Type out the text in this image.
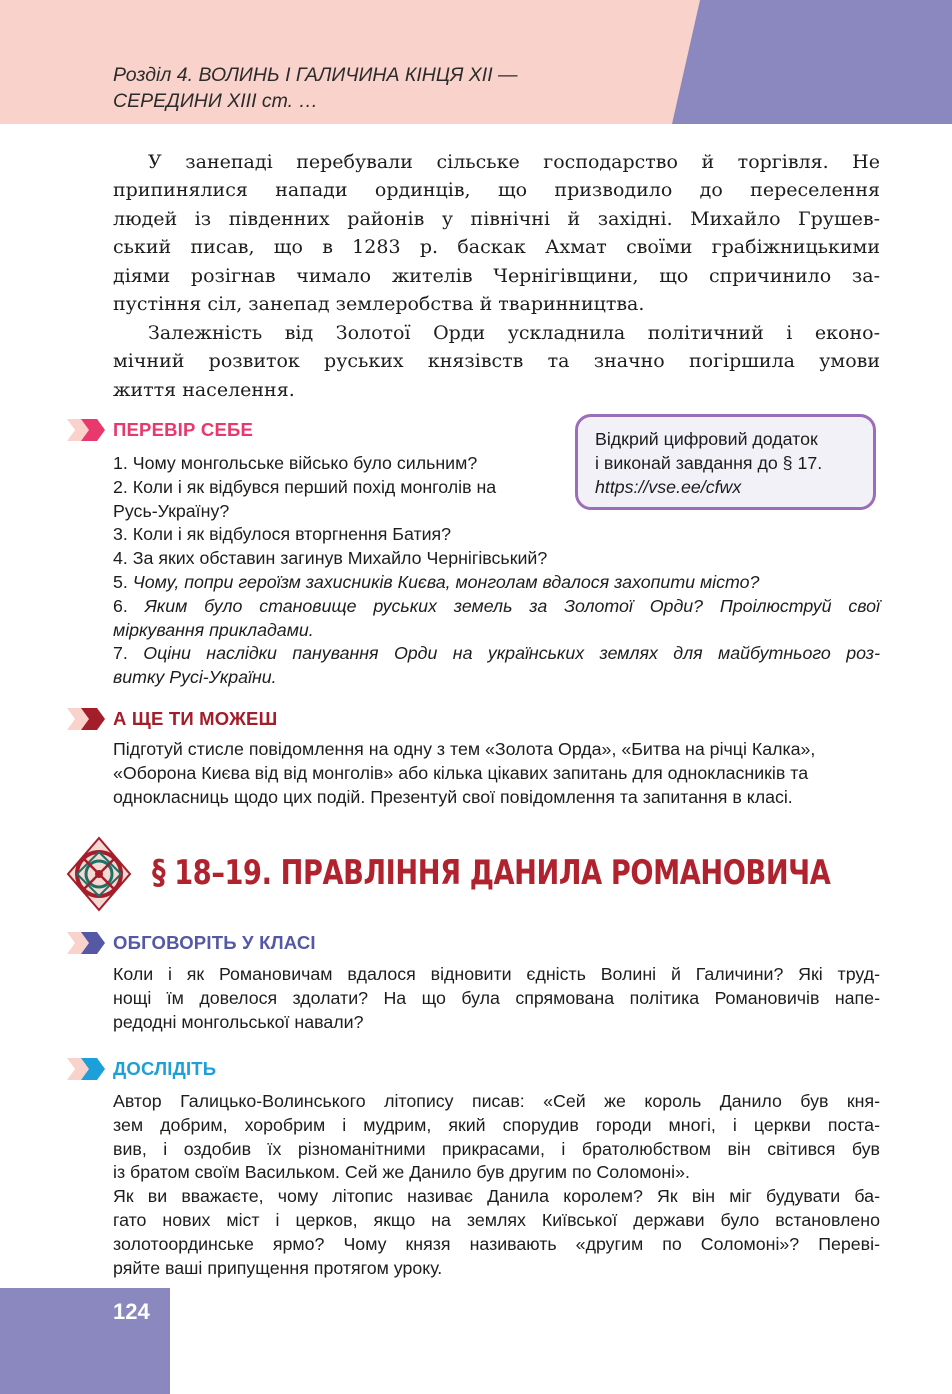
Розділ 4. ВОЛИНЬ І ГАЛИЧИНА КІНЦЯ ХІІ —
СЕРЕДИНИ ХІІІ ст. …
У занепаді перебували сільське господарство й торгівля. Не
припинялися напади ординців, що призводило до переселення
людей із південних районів у північні й західні. Михайло Грушев-
ський писав, що в 1283 р. баскак Ахмат своїми грабіжницькими
діями розігнав чимало жителів Чернігівщини, що спричинило за-
пустіння сіл, занепад землеробства й тваринництва.
Залежність від Золотої Орди ускладнила політичний і еконо-
мічний розвиток руських князівств та значно погіршила умови
життя населення.
ПЕРЕВІР СЕБЕ
1. Чому монгольське військо було сильним?
2. Коли і як відбувся перший похід монголів на
Русь-Україну?
3. Коли і як відбулося вторгнення Батия?
4. За яких обставин загинув Михайло Чернігівський?
5. Чому, попри героїзм захисників Києва, монголам вдалося захопити місто?
6. Яким було становище руських земель за Золотої Орди? Проілюструй свої
міркування прикладами.
7. Оціни наслідки панування Орди на українських землях для майбутнього роз-
витку Русі-України.
Відкрий цифровий додаток
і виконай завдання до § 17.
https://vse.ee/cfwx
А ЩЕ ТИ МОЖЕШ
Підготуй стисле повідомлення на одну з тем «Золота Орда», «Битва на річці Калка»,
«Оборона Києва від від монголів» або кілька цікавих запитань для однокласників та
однокласниць щодо цих подій. Презентуй свої повідомлення та запитання в класі.
§ 18–19. ПРАВЛІННЯ ДАНИЛА РОМАНОВИЧА
ОБГОВОРІТЬ У КЛАСІ
Коли і як Романовичам вдалося відновити єдність Волині й Галичини? Які труд-
нощі їм довелося здолати? На що була спрямована політика Романовичів напе-
редодні монгольської навали?
ДОСЛІДІТЬ
Автор Галицько-Волинського літопису писав: «Сей же король Данило був кня-
зем добрим, хоробрим і мудрим, який спорудив городи многі, і церкви поста-
вив, і оздобив їх різноманітними прикрасами, і братолюбством він світився був
із братом своїм Васильком. Сей же Данило був другим по Соломоні».
Як ви вважаєте, чому літопис називає Данила королем? Як він міг будувати ба-
гато нових міст і церков, якщо на землях Київської держави було встановлено
золотоординське ярмо? Чому князя називають «другим по Соломоні»? Переві-
ряйте ваші припущення протягом уроку.
124
